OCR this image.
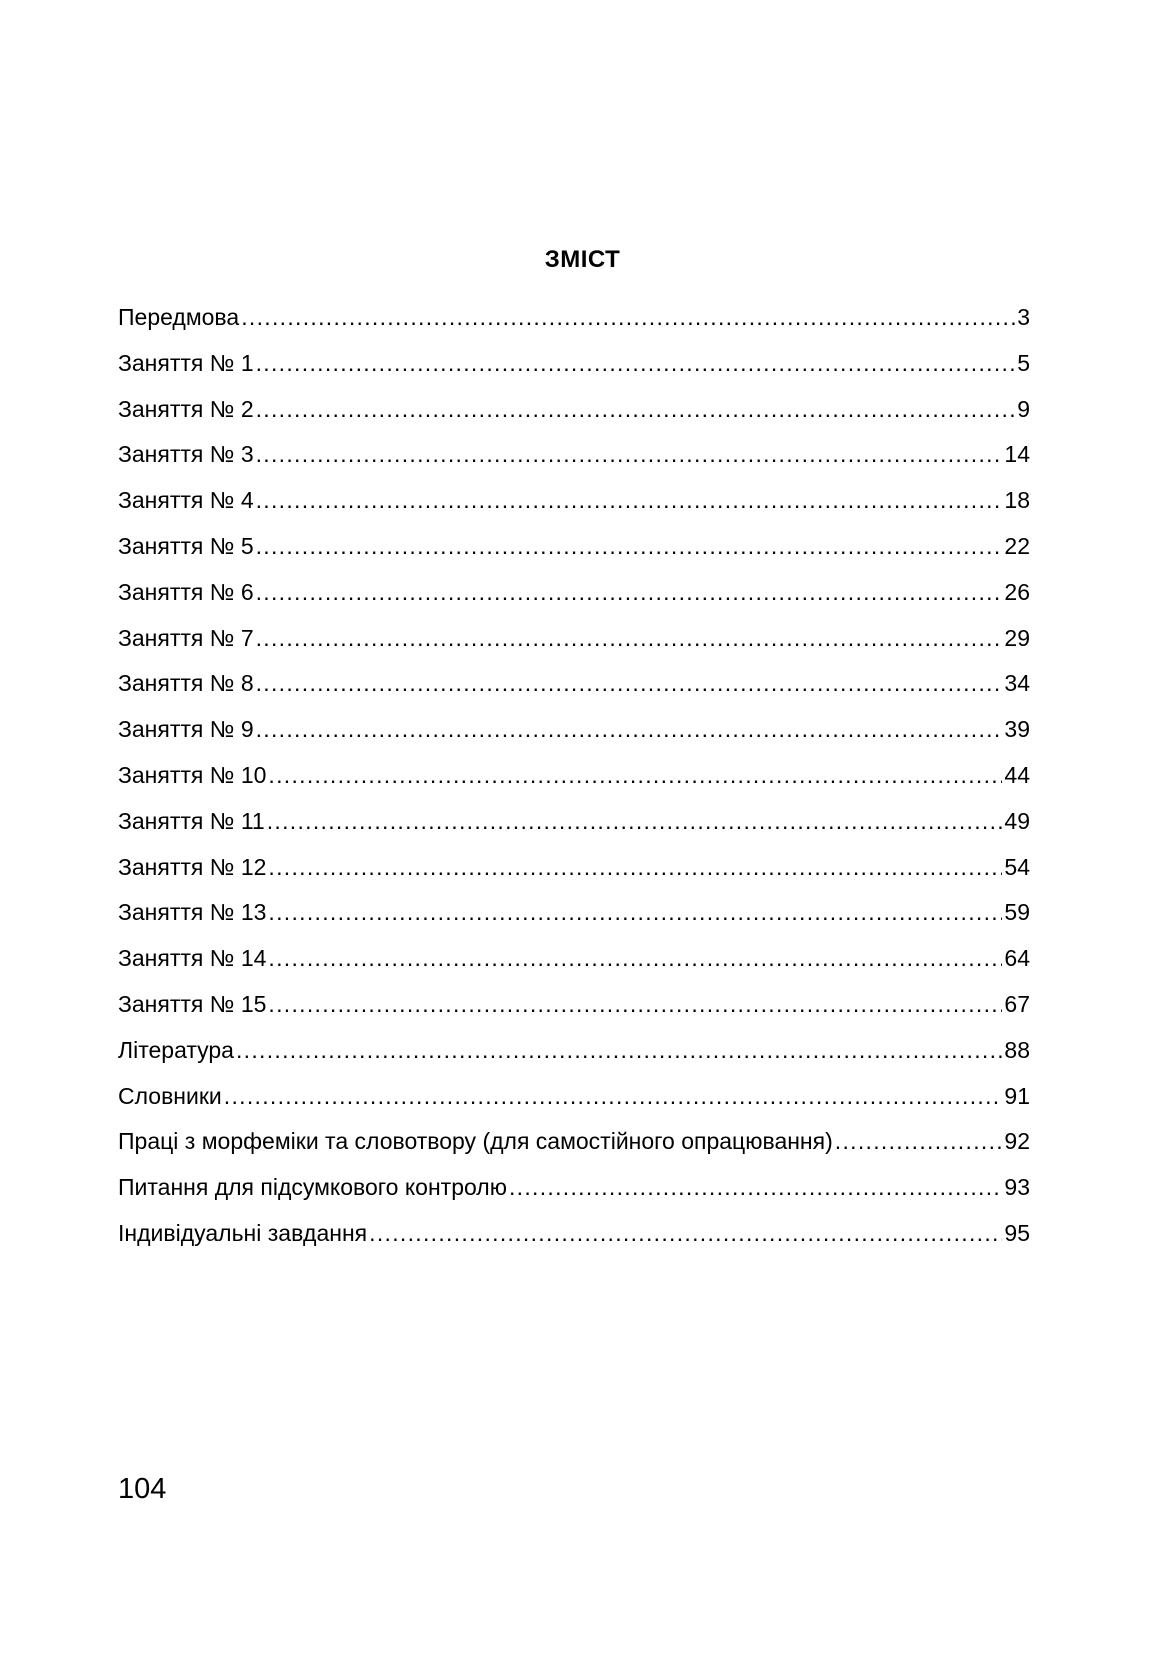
ЗМІСТ
Передмова .....	3
Заняття № 1 .....	5
Заняття № 2 .....	9
Заняття № 3 .....	14
Заняття № 4 .....	18
Заняття № 5 .....	22
Заняття № 6 .....	26
Заняття № 7 .....	29
Заняття № 8 .....	34
Заняття № 9 .....	39
Заняття № 10 .....	44
Заняття № 11 .....	49
Заняття № 12 .....	54
Заняття № 13 .....	59
Заняття № 14 .....	64
Заняття № 15 .....	67
Література .....	88
Словники .....	91
Праці з морфеміки та словотвору (для самостійного опрацювання) .....	92
Питання для підсумкового контролю .....	93
Індивідуальні завдання .....	95

104
